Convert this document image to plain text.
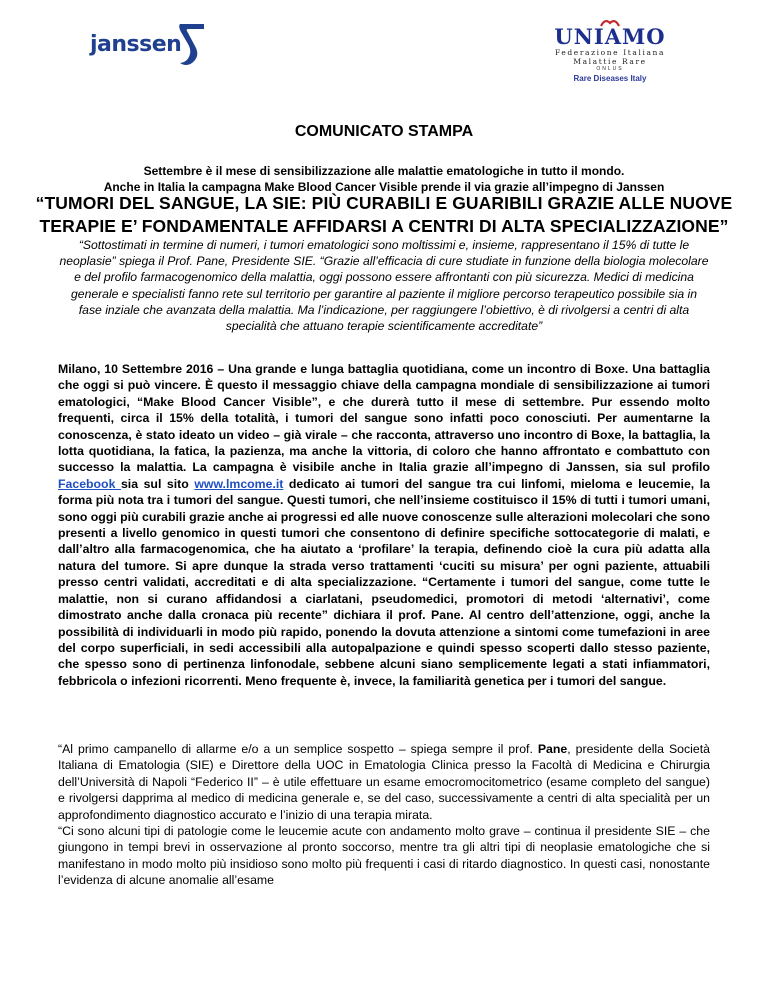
janssen	UNIAMO
Federazione Italiana
Malattie Rare
ONLUS
Rare Diseases Italy
COMUNICATO STAMPA
Settembre è il mese di sensibilizzazione alle malattie ematologiche in tutto il mondo.
Anche in Italia la campagna Make Blood Cancer Visible prende il via grazie all’impegno di Janssen
“TUMORI DEL SANGUE, LA SIE: PIÙ CURABILI E GUARIBILI GRAZIE ALLE NUOVE
TERAPIE E’ FONDAMENTALE AFFIDARSI A CENTRI DI ALTA SPECIALIZZAZIONE”
“Sottostimati in termine di numeri, i tumori ematologici sono moltissimi e, insieme, rappresentano il 15% di tutte le neoplasie” spiega il Prof. Pane, Presidente SIE. “Grazie all’efficacia di cure studiate in funzione della biologia molecolare e del profilo farmacogenomico della malattia, oggi possono essere affrontanti con più sicurezza. Medici di medicina generale e specialisti fanno rete sul territorio per garantire al paziente il migliore percorso terapeutico possibile sia in fase inziale che avanzata della malattia. Ma l’indicazione, per raggiungere l’obiettivo, è di rivolgersi a centri di alta specialità che attuano terapie scientificamente accreditate”
Milano, 10 Settembre 2016 – Una grande e lunga battaglia quotidiana, come un incontro di Boxe. Una battaglia che oggi si può vincere. È questo il messaggio chiave della campagna mondiale di sensibilizzazione ai tumori ematologici, “Make Blood Cancer Visible”, e che durerà tutto il mese di settembre. Pur essendo molto frequenti, circa il 15% della totalità, i tumori del sangue sono infatti poco conosciuti. Per aumentarne la conoscenza, è stato ideato un video – già virale – che racconta, attraverso uno incontro di Boxe, la battaglia, la lotta quotidiana, la fatica, la pazienza, ma anche la vittoria, di coloro che hanno affrontato e combattuto con successo la malattia. La campagna è visibile anche in Italia grazie all’impegno di Janssen, sia sul profilo Facebook sia sul sito www.lmcome.it dedicato ai tumori del sangue tra cui linfomi, mieloma e leucemie, la forma più nota tra i tumori del sangue. Questi tumori, che nell’insieme costituisco il 15% di tutti i tumori umani, sono oggi più curabili grazie anche ai progressi ed alle nuove conoscenze sulle alterazioni molecolari che sono presenti a livello genomico in questi tumori che consentono di definire specifiche sottocategorie di malati, e dall’altro alla farmacogenomica, che ha aiutato a ‘profilare’ la terapia, definendo cioè la cura più adatta alla natura del tumore. Si apre dunque la strada verso trattamenti ‘cuciti su misura’ per ogni paziente, attuabili presso centri validati, accreditati e di alta specializzazione. “Certamente i tumori del sangue, come tutte le malattie, non si curano affidandosi a ciarlatani, pseudomedici, promotori di metodi ‘alternativi’, come dimostrato anche dalla cronaca più recente” dichiara il prof. Pane. Al centro dell’attenzione, oggi, anche la possibilità di individuarli in modo più rapido, ponendo la dovuta attenzione a sintomi come tumefazioni in aree del corpo superficiali, in sedi accessibili alla autopalpazione e quindi spesso scoperti dallo stesso paziente, che spesso sono di pertinenza linfonodale, sebbene alcuni siano semplicemente legati a stati infiammatori, febbricola o infezioni ricorrenti. Meno frequente è, invece, la familiarità genetica per i tumori del sangue.

“Al primo campanello di allarme e/o a un semplice sospetto – spiega sempre il prof. Pane, presidente della Società Italiana di Ematologia (SIE) e Direttore della UOC in Ematologia Clinica presso la Facoltà di Medicina e Chirurgia dell’Università di Napoli “Federico II” – è utile effettuare un esame emocromocitometrico (esame completo del sangue) e rivolgersi dapprima al medico di medicina generale e, se del caso, successivamente a centri di alta specialità per un approfondimento diagnostico accurato e l’inizio di una terapia mirata.

“Ci sono alcuni tipi di patologie come le leucemie acute con andamento molto grave – continua il presidente SIE – che giungono in tempi brevi in osservazione al pronto soccorso, mentre tra gli altri tipi di neoplasie ematologiche che si manifestano in modo molto più insidioso sono molto più frequenti i casi di ritardo diagnostico. In questi casi, nonostante l’evidenza di alcune anomalie all’esame
